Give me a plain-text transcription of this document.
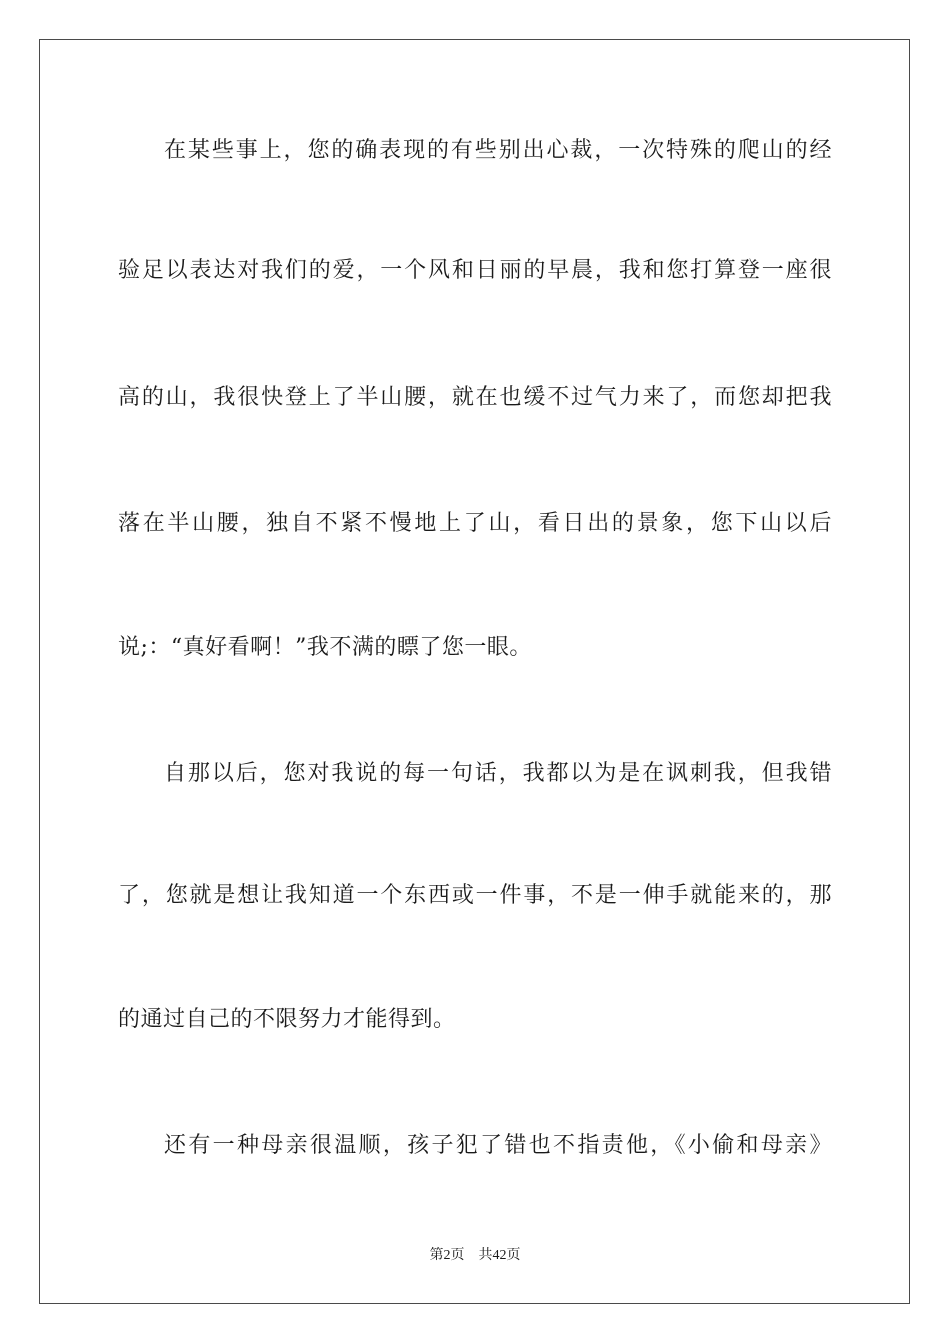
在某些事上，您的确表现的有些别出心裁，一次特殊的爬山的经
验足以表达对我们的爱，一个风和日丽的早晨，我和您打算登一座很
高的山，我很快登上了半山腰，就在也缓不过气力来了，而您却把我
落在半山腰，独自不紧不慢地上了山，看日出的景象，您下山以后
说;：“真好看啊！”我不满的瞟了您一眼。
自那以后，您对我说的每一句话，我都以为是在讽刺我，但我错
了，您就是想让我知道一个东西或一件事，不是一伸手就能来的，那
的通过自己的不限努力才能得到。
还有一种母亲很温顺，孩子犯了错也不指责他，《小偷和母亲》
第2页 共42页
